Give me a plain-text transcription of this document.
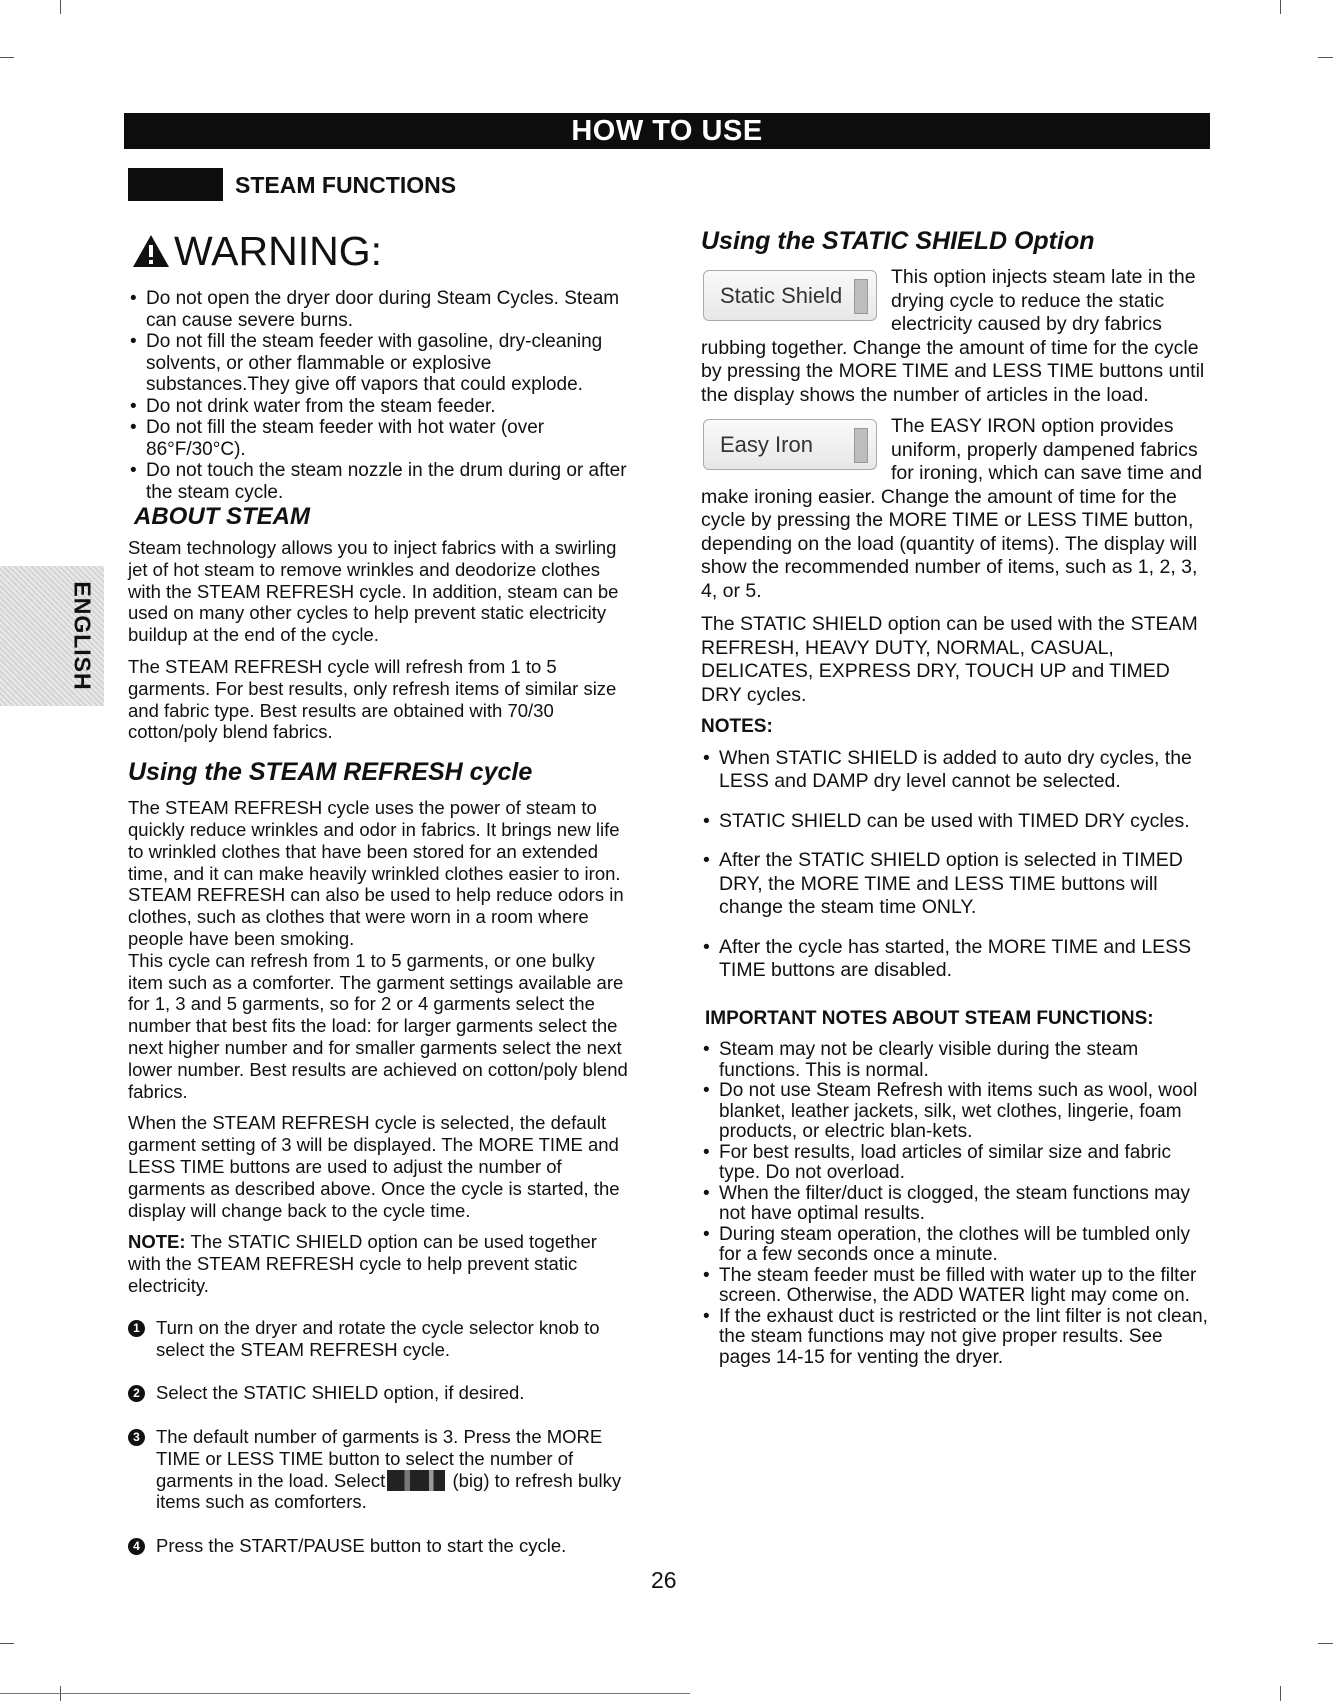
HOW TO USE
STEAM FUNCTIONS
ENGLISH
WARNING:
• Do not open the dryer door during Steam Cycles. Steam can cause severe burns.
• Do not fill the steam feeder with gasoline, dry-cleaning solvents, or other flammable or explosive substances.They give off vapors that could explode.
• Do not drink water from the steam feeder.
• Do not fill the steam feeder with hot water (over 86°F/30°C).
• Do not touch the steam nozzle in the drum during or after the steam cycle.
ABOUT STEAM

Steam technology allows you to inject fabrics with a swirling jet of hot steam to remove wrinkles and deodorize clothes with the STEAM REFRESH cycle. In addition, steam can be used on many other cycles to help prevent static electricity buildup at the end of the cycle.

The STEAM REFRESH cycle will refresh from 1 to 5 garments. For best results, only refresh items of similar size and fabric type. Best results are obtained with 70/30 cotton/poly blend fabrics.

Using the STEAM REFRESH cycle

The STEAM REFRESH cycle uses the power of steam to quickly reduce wrinkles and odor in fabrics. It brings new life to wrinkled clothes that have been stored for an extended time, and it can make heavily wrinkled clothes easier to iron. STEAM REFRESH can also be used to help reduce odors in clothes, such as clothes that were worn in a room where people have been smoking.

This cycle can refresh from 1 to 5 garments, or one bulky item such as a comforter. The garment settings available are for 1, 3 and 5 garments, so for 2 or 4 garments select the number that best fits the load: for larger garments select the next higher number and for smaller garments select the next lower number. Best results are achieved on cotton/poly blend fabrics.

When the STEAM REFRESH cycle is selected, the default garment setting of 3 will be displayed. The MORE TIME and LESS TIME buttons are used to adjust the number of garments as described above. Once the cycle is started, the display will change back to the cycle time.

NOTE: The STATIC SHIELD option can be used together with the STEAM REFRESH cycle to help prevent static electricity.

1 Turn on the dryer and rotate the cycle selector knob to select the STEAM REFRESH cycle.
2 Select the STATIC SHIELD option, if desired.
3 The default number of garments is 3. Press the MORE TIME or LESS TIME button to select the number of garments in the load. Select	(big) to refresh bulky items such as comforters.
4 Press the START/PAUSE button to start the cycle.
Using the STATIC SHIELD Option
Static Shield

This option injects steam late in the drying cycle to reduce the static electricity caused by dry fabrics rubbing together. Change the amount of time for the cycle by pressing the MORE TIME and LESS TIME buttons until the display shows the number of articles in the load.

Easy Iron

The EASY IRON option provides uniform, properly dampened fabrics for ironing, which can save time and make ironing easier. Change the amount of time for the cycle by pressing the MORE TIME or LESS TIME button, depending on the load (quantity of items). The display will show the recommended number of items, such as 1, 2, 3, 4, or 5.

The STATIC SHIELD option can be used with the STEAM REFRESH, HEAVY DUTY, NORMAL, CASUAL, DELICATES, EXPRESS DRY, TOUCH UP and TIMED DRY cycles.

NOTES:
• When STATIC SHIELD is added to auto dry cycles, the LESS and DAMP dry level cannot be selected.
• STATIC SHIELD can be used with TIMED DRY cycles.
• After the STATIC SHIELD option is selected in TIMED DRY, the MORE TIME and LESS TIME buttons will change the steam time ONLY.
• After the cycle has started, the MORE TIME and LESS TIME buttons are disabled.
IMPORTANT NOTES ABOUT STEAM FUNCTIONS:
• Steam may not be clearly visible during the steam functions. This is normal.
• Do not use Steam Refresh with items such as wool, wool blanket, leather jackets, silk, wet clothes, lingerie, foam products, or electric blan-kets.
• For best results, load articles of similar size and fabric type. Do not overload.
• When the filter/duct is clogged, the steam functions may not have optimal results.
• During steam operation, the clothes will be tumbled only for a few seconds once a minute.
• The steam feeder must be filled with water up to the filter screen. Otherwise, the ADD WATER light may come on.
• If the exhaust duct is restricted or the lint filter is not clean, the steam functions may not give proper results. See pages 14-15 for venting the dryer.
26
